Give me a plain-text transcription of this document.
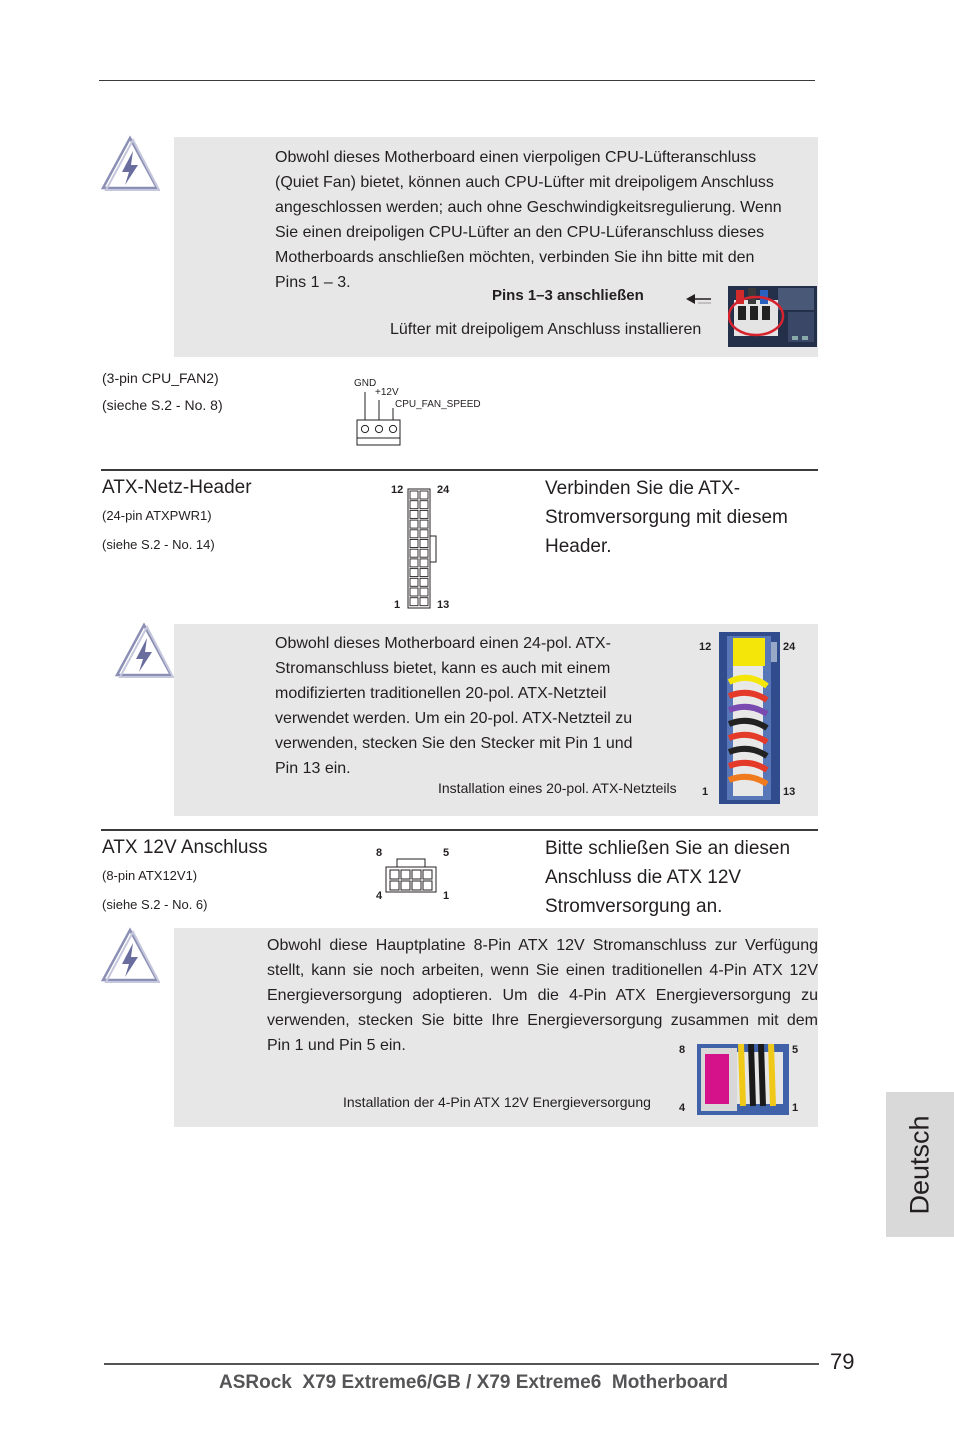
Obwohl dieses Motherboard einen vierpoligen CPU-Lüfteranschluss
(Quiet Fan) bietet, können auch CPU-Lüfter mit dreipoligem Anschluss
angeschlossen werden; auch ohne Geschwindigkeitsregulierung. Wenn
Sie einen dreipoligen CPU-Lüfter an den CPU-Lüferanschluss dieses
Motherboards anschließen möchten, verbinden Sie ihn bitte mit den
Pins 1 – 3.
Pins 1–3 anschließen
Lüfter mit dreipoligem Anschluss installieren
(3-pin CPU_FAN2)
(sieche S.2 - No. 8)
GND
+12V
CPU_FAN_SPEED
ATX-Netz-Header
(24-pin ATXPWR1)
(siehe S.2 - No. 14)
12	24
1	13
Verbinden Sie die ATX-
Stromversorgung mit diesem
Header.
Obwohl dieses Motherboard einen 24-pol. ATX-
Stromanschluss bietet, kann es auch mit einem
modifizierten traditionellen 20-pol. ATX-Netzteil
verwendet werden. Um ein 20-pol. ATX-Netzteil zu
verwenden, stecken Sie den Stecker mit Pin 1 und
Pin 13 ein.
Installation eines 20-pol. ATX-Netzteils
12	24
1	13
ATX 12V Anschluss
(8-pin ATX12V1)
(siehe S.2 - No. 6)
8	5
4	1
Bitte schließen Sie an diesen
Anschluss die ATX 12V
Stromversorgung an.
Obwohl diese Hauptplatine 8-Pin ATX 12V Stromanschluss zur Verfügung
stellt, kann sie noch arbeiten, wenn Sie einen traditionellen 4-Pin ATX 12V
Energieversorgung adoptieren. Um die 4-Pin ATX Energieversorgung zu
verwenden, stecken Sie bitte Ihre Energieversorgung zusammen mit dem
Pin 1 und Pin 5 ein.
Installation der 4-Pin ATX 12V Energieversorgung
8	5
4	1
Deutsch
79
ASRock  X79 Extreme6/GB / X79 Extreme6  Motherboard
